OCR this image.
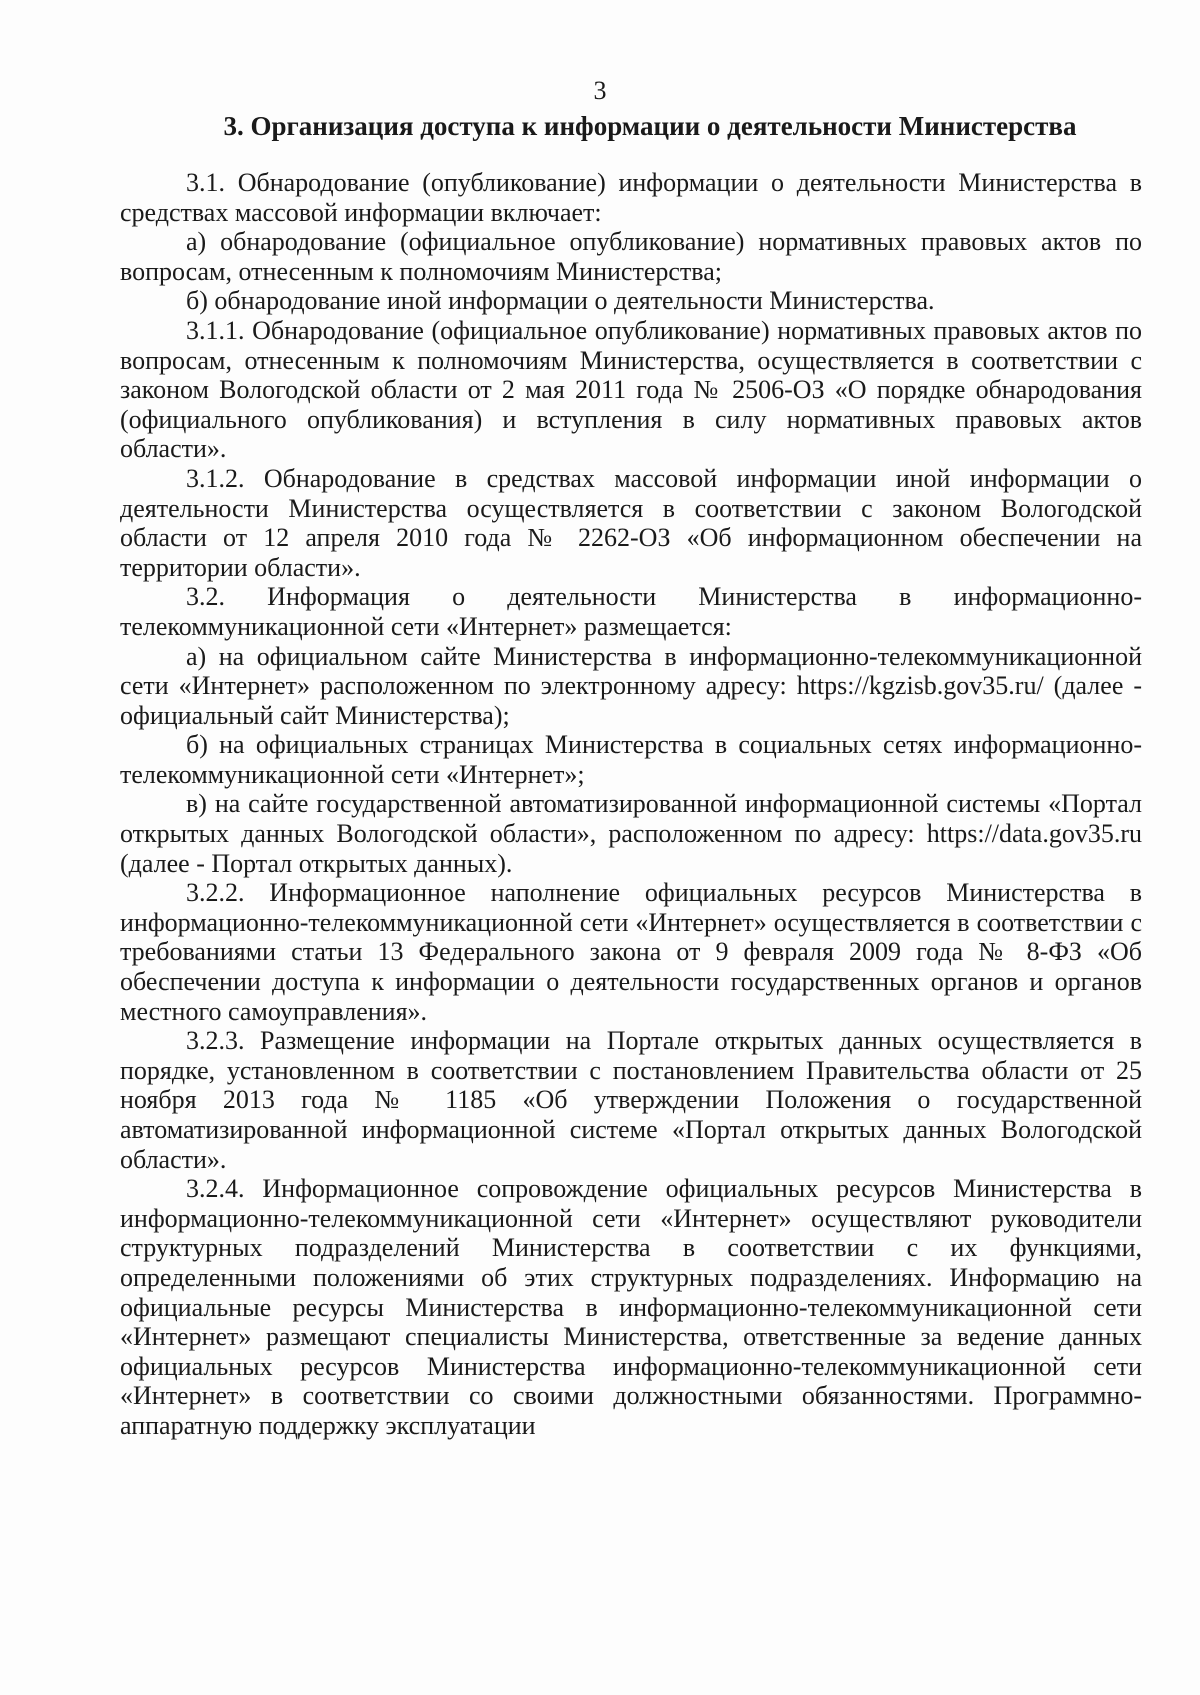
3
3. Организация доступа к информации о деятельности Министерства

3.1. Обнародование (опубликование) информации о деятельности Министерства в средствах массовой информации включает:

а) обнародование (официальное опубликование) нормативных правовых актов по вопросам, отнесенным к полномочиям Министерства;

б) обнародование иной информации о деятельности Министерства.

3.1.1. Обнародование (официальное опубликование) нормативных правовых актов по вопросам, отнесенным к полномочиям Министерства, осуществляется в соответствии с законом Вологодской области от 2 мая 2011 года № 2506-ОЗ «О порядке обнародования (официального опубликования) и вступления в силу нормативных правовых актов области».

3.1.2. Обнародование в средствах массовой информации иной информации о деятельности Министерства осуществляется в соответствии с законом Вологодской области от 12 апреля 2010 года № 2262-ОЗ «Об информационном обеспечении на территории области».

3.2. Информация о деятельности Министерства в информационно-телекоммуникационной сети «Интернет» размещается:

а) на официальном сайте Министерства в информационно-телекоммуникационной сети «Интернет» расположенном по электронному адресу: https://kgzisb.gov35.ru/ (далее - официальный сайт Министерства);

б) на официальных страницах Министерства в социальных сетях информационно-телекоммуникационной сети «Интернет»;

в) на сайте государственной автоматизированной информационной системы «Портал открытых данных Вологодской области», расположенном по адресу: https://data.gov35.ru (далее - Портал открытых данных).

3.2.2. Информационное наполнение официальных ресурсов Министерства в информационно-телекоммуникационной сети «Интернет» осуществляется в соответствии с требованиями статьи 13 Федерального закона от 9 февраля 2009 года № 8-ФЗ «Об обеспечении доступа к информации о деятельности государственных органов и органов местного самоуправления».

3.2.3. Размещение информации на Портале открытых данных осуществляется в порядке, установленном в соответствии с постановлением Правительства области от 25 ноября 2013 года № 1185 «Об утверждении Положения о государственной автоматизированной информационной системе «Портал открытых данных Вологодской области».

3.2.4. Информационное сопровождение официальных ресурсов Министерства в информационно-телекоммуникационной сети «Интернет» осуществляют руководители структурных подразделений Министерства в соответствии с их функциями, определенными положениями об этих структурных подразделениях. Информацию на официальные ресурсы Министерства в информационно-телекоммуникационной сети «Интернет» размещают специалисты Министерства, ответственные за ведение данных официальных ресурсов Министерства информационно-телекоммуникационной сети «Интернет» в соответствии со своими должностными обязанностями. Программно-аппаратную поддержку эксплуатации
